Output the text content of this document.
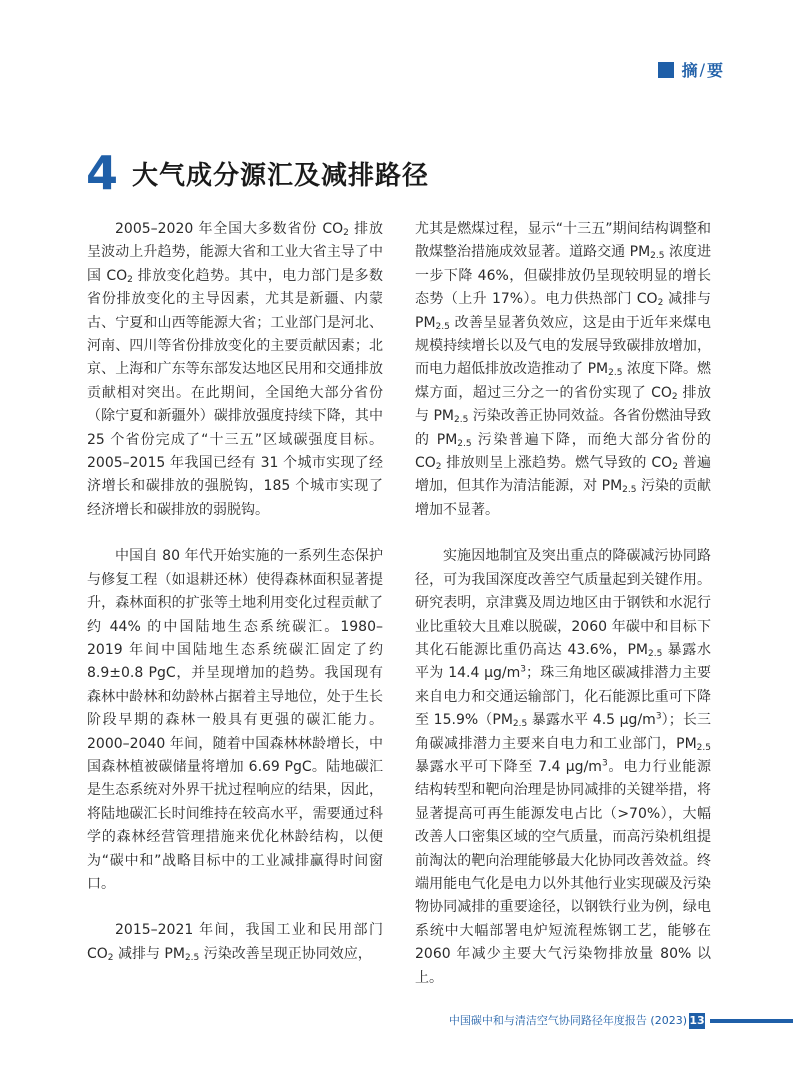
摘 / 要
4 大气成分源汇及减排路径

2005–2020 年全国大多数省份 $CO_2$ 排放呈波动上升趋势，能源大省和工业大省主导了中国 $CO_2$ 排放变化趋势。其中，电力部门是多数省份排放变化的主导因素，尤其是新疆、内蒙古、宁夏和山西等能源大省；工业部门是河北、河南、四川等省份排放变化的主要贡献因素；北京、上海和广东等东部发达地区民用和交通排放贡献相对突出。在此期间，全国绝大部分省份（除宁夏和新疆外）碳排放强度持续下降，其中 25 个省份完成了“十三五”区域碳强度目标。2005–2015 年我国已经有 31 个城市实现了经济增长和碳排放的强脱钩，185 个城市实现了经济增长和碳排放的弱脱钩。

中国自 80 年代开始实施的一系列生态保护与修复工程（如退耕还林）使得森林面积显著提升，森林面积的扩张等土地利用变化过程贡献了约 44% 的中国陆地生态系统碳汇。1980–2019 年间中国陆地生态系统碳汇固定了约 8.9±0.8 PgC，并呈现增加的趋势。我国现有森林中龄林和幼龄林占据着主导地位，处于生长阶段早期的森林一般具有更强的碳汇能力。2000–2040 年间，随着中国森林林龄增长，中国森林植被碳储量将增加 6.69 PgC。陆地碳汇是生态系统对外界干扰过程响应的结果，因此，将陆地碳汇长时间维持在较高水平，需要通过科学的森林经营管理措施来优化林龄结构，以便为“碳中和”战略目标中的工业减排赢得时间窗口。

2015–2021 年间，我国工业和民用部门 $CO_2$ 减排与 $PM_{2.5}$ 污染改善呈现正协同效应，

尤其是燃煤过程，显示“十三五”期间结构调整和散煤整治措施成效显著。道路交通 $PM_{2.5}$ 浓度进一步下降 46%，但碳排放仍呈现较明显的增长态势（上升 17%）。电力供热部门 $CO_2$ 减排与 $PM_{2.5}$ 改善呈显著负效应，这是由于近年来煤电规模持续增长以及气电的发展导致碳排放增加，而电力超低排放改造推动了 $PM_{2.5}$ 浓度下降。燃煤方面，超过三分之一的省份实现了 $CO_2$ 排放与 $PM_{2.5}$ 污染改善正协同效益。各省份燃油导致的 $PM_{2.5}$ 污染普遍下降，而绝大部分省份的 $CO_2$ 排放则呈上涨趋势。燃气导致的 $CO_2$ 普遍增加，但其作为清洁能源，对 $PM_{2.5}$ 污染的贡献增加不显著。

实施因地制宜及突出重点的降碳减污协同路径，可为我国深度改善空气质量起到关键作用。研究表明，京津冀及周边地区由于钢铁和水泥行业比重较大且难以脱碳，2060 年碳中和目标下其化石能源比重仍高达 43.6%，$PM_{2.5}$ 暴露水平为 14.4 $\mu g/m^3$；珠三角地区碳减排潜力主要来自电力和交通运输部门，化石能源比重可下降至 $15.9\%(PM_{2.5}$ 暴露水平 4.5 $\mu g/m^3$）；长三角碳减排潜力主要来自电力和工业部门，$PM_{2.5}$ 暴露水平可下降至 7.4 $\mu g/m^3$。电力行业能源结构转型和靶向治理是协同减排的关键举措，将显著提高可再生能源发电占比（>70%），大幅改善人口密集区域的空气质量，而高污染机组提前淘汰的靶向治理能够最大化协同改善效益。终端用能电气化是电力以外其他行业实现碳及污染物协同减排的重要途径，以钢铁行业为例，绿电系统中大幅部署电炉短流程炼钢工艺，能够在 2060 年减少主要大气污染物排放量 80% 以上。

中国碳中和与清洁空气协同路径年度报告 (2023) 13
